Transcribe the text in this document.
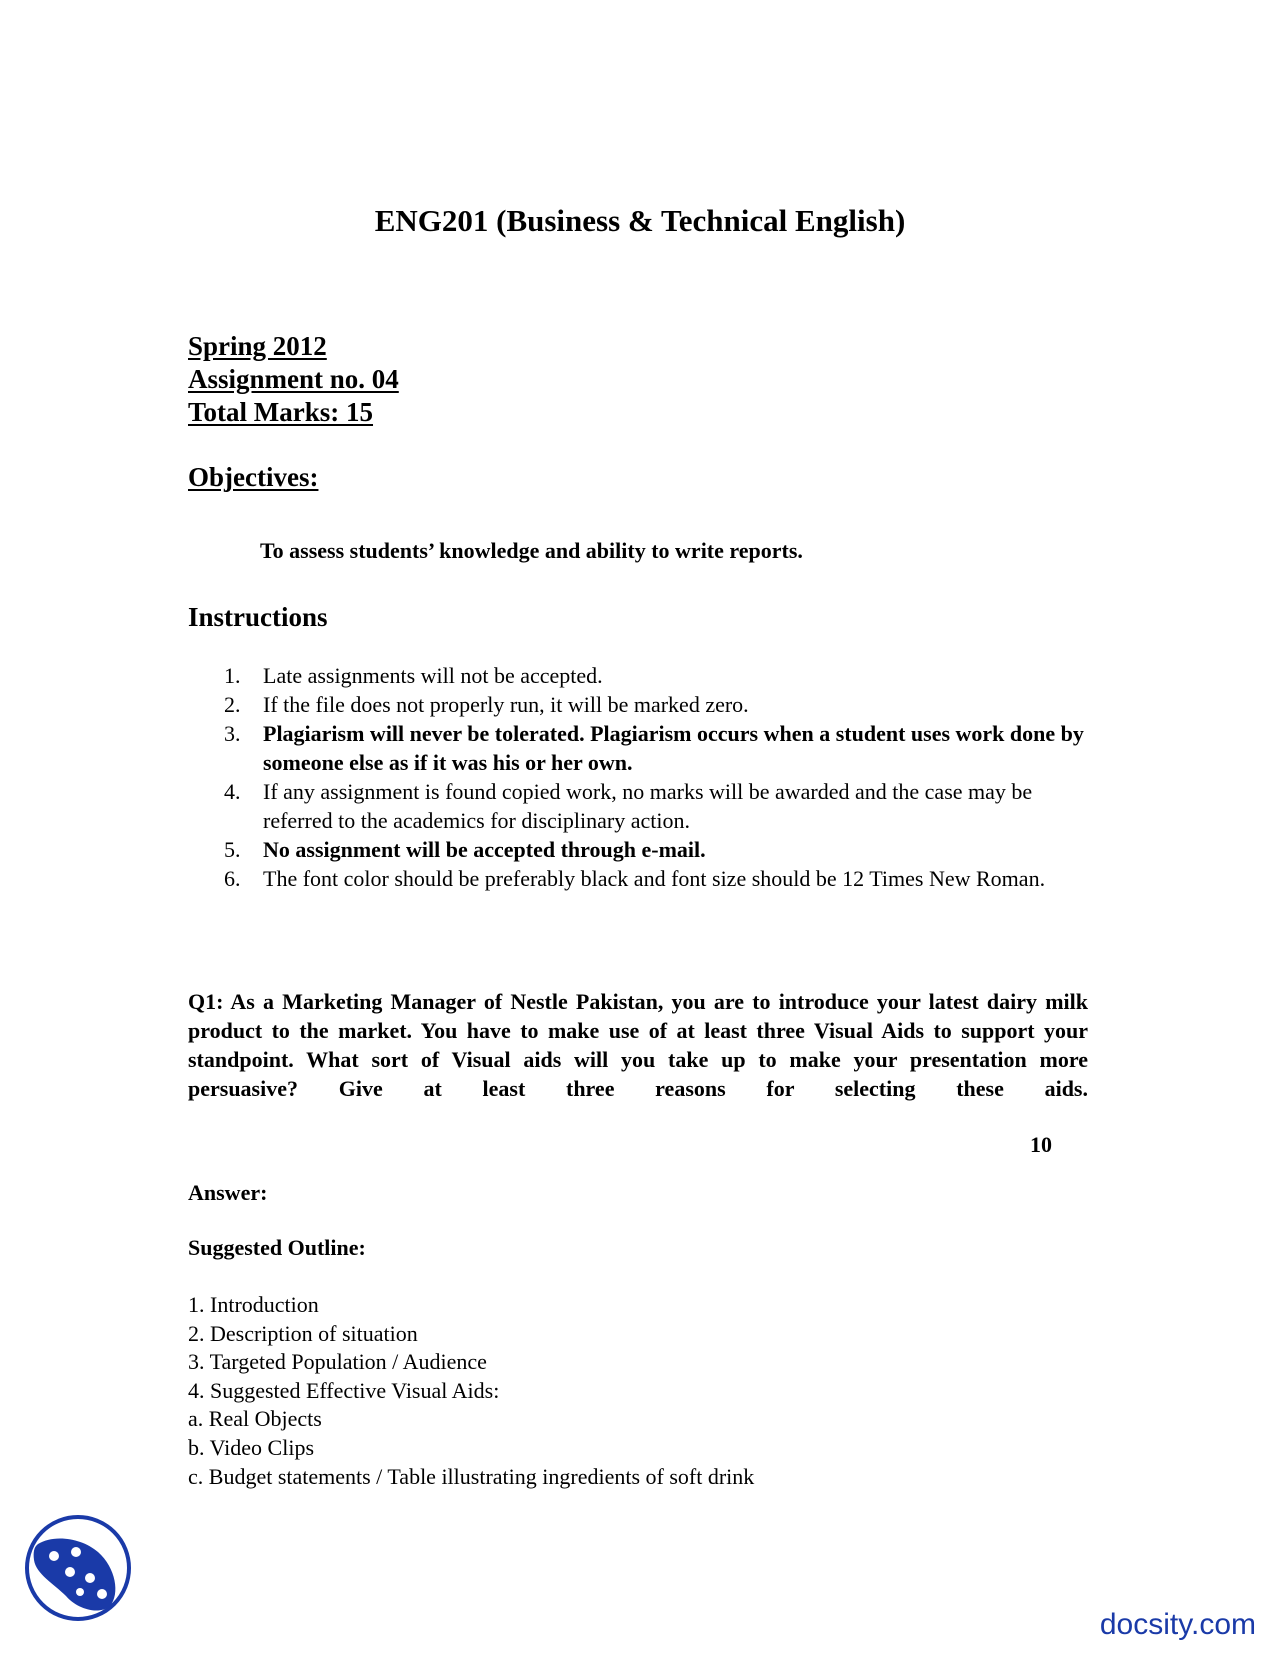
ENG201 (Business & Technical English)
Spring 2012
Assignment no. 04
Total Marks: 15
Objectives:
To assess students’ knowledge and ability to write reports.
Instructions
1. Late assignments will not be accepted.
2. If the file does not properly run, it will be marked zero.
3. Plagiarism will never be tolerated. Plagiarism occurs when a student uses work done by someone else as if it was his or her own.
4. If any assignment is found copied work, no marks will be awarded and the case may be referred to the academics for disciplinary action.
5. No assignment will be accepted through e-mail.
6. The font color should be preferably black and font size should be 12 Times New Roman.
Q1: As a Marketing Manager of Nestle Pakistan, you are to introduce your latest dairy milk product to the market. You have to make use of at least three Visual Aids to support your standpoint. What sort of Visual aids will you take up to make your presentation more persuasive? Give at least three reasons for selecting these aids.
10
Answer:
Suggested Outline:
1. Introduction
2. Description of situation
3. Targeted Population / Audience
4. Suggested Effective Visual Aids:
a. Real Objects
b. Video Clips
c. Budget statements / Table illustrating ingredients of soft drink
docsity.com
